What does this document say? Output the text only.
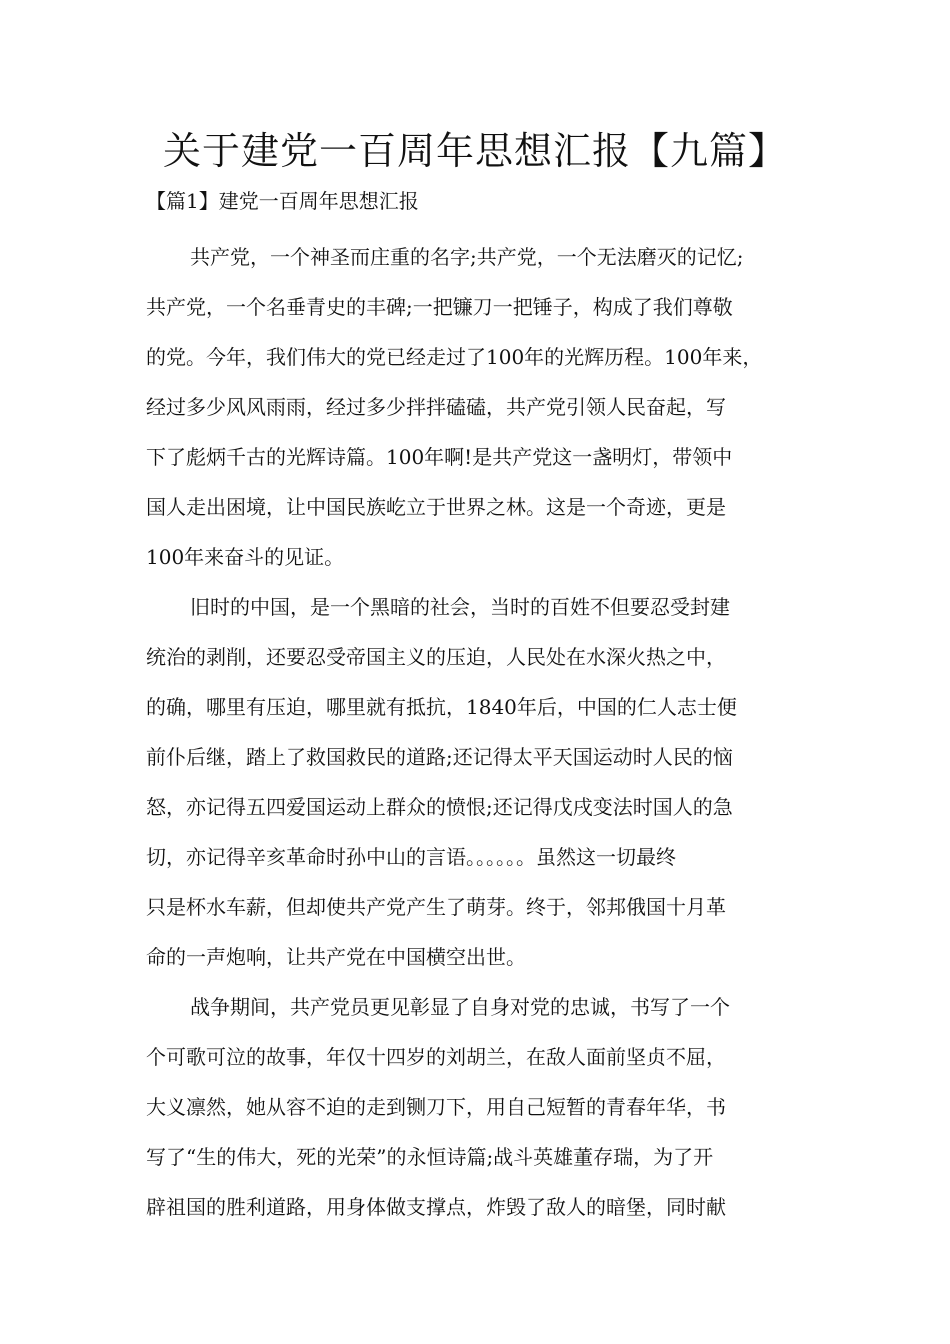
关于建党一百周年思想汇报【九篇】
【篇1】建党一百周年思想汇报
共产党，一个神圣而庄重的名字;共产党，一个无法磨灭的记忆;
共产党，一个名垂青史的丰碑;一把镰刀一把锤子，构成了我们尊敬
的党。今年，我们伟大的党已经走过了100年的光辉历程。100年来，
经过多少风风雨雨，经过多少拌拌磕磕，共产党引领人民奋起，写
下了彪炳千古的光辉诗篇。100年啊!是共产党这一盏明灯，带领中
国人走出困境，让中国民族屹立于世界之林。这是一个奇迹，更是
100年来奋斗的见证。
旧时的中国，是一个黑暗的社会，当时的百姓不但要忍受封建
统治的剥削，还要忍受帝国主义的压迫，人民处在水深火热之中，
的确，哪里有压迫，哪里就有抵抗，1840年后，中国的仁人志士便
前仆后继，踏上了救国救民的道路;还记得太平天国运动时人民的恼
怒，亦记得五四爱国运动上群众的愤恨;还记得戊戌变法时国人的急
切，亦记得辛亥革命时孙中山的言语。。。。。。虽然这一切最终
只是杯水车薪，但却使共产党产生了萌芽。终于，邻邦俄国十月革
命的一声炮响，让共产党在中国横空出世。
战争期间，共产党员更见彰显了自身对党的忠诚，书写了一个
个可歌可泣的故事，年仅十四岁的刘胡兰，在敌人面前坚贞不屈，
大义凛然，她从容不迫的走到铡刀下，用自己短暂的青春年华，书
写了“生的伟大，死的光荣”的永恒诗篇;战斗英雄董存瑞，为了开
辟祖国的胜利道路，用身体做支撑点，炸毁了敌人的暗堡，同时献
